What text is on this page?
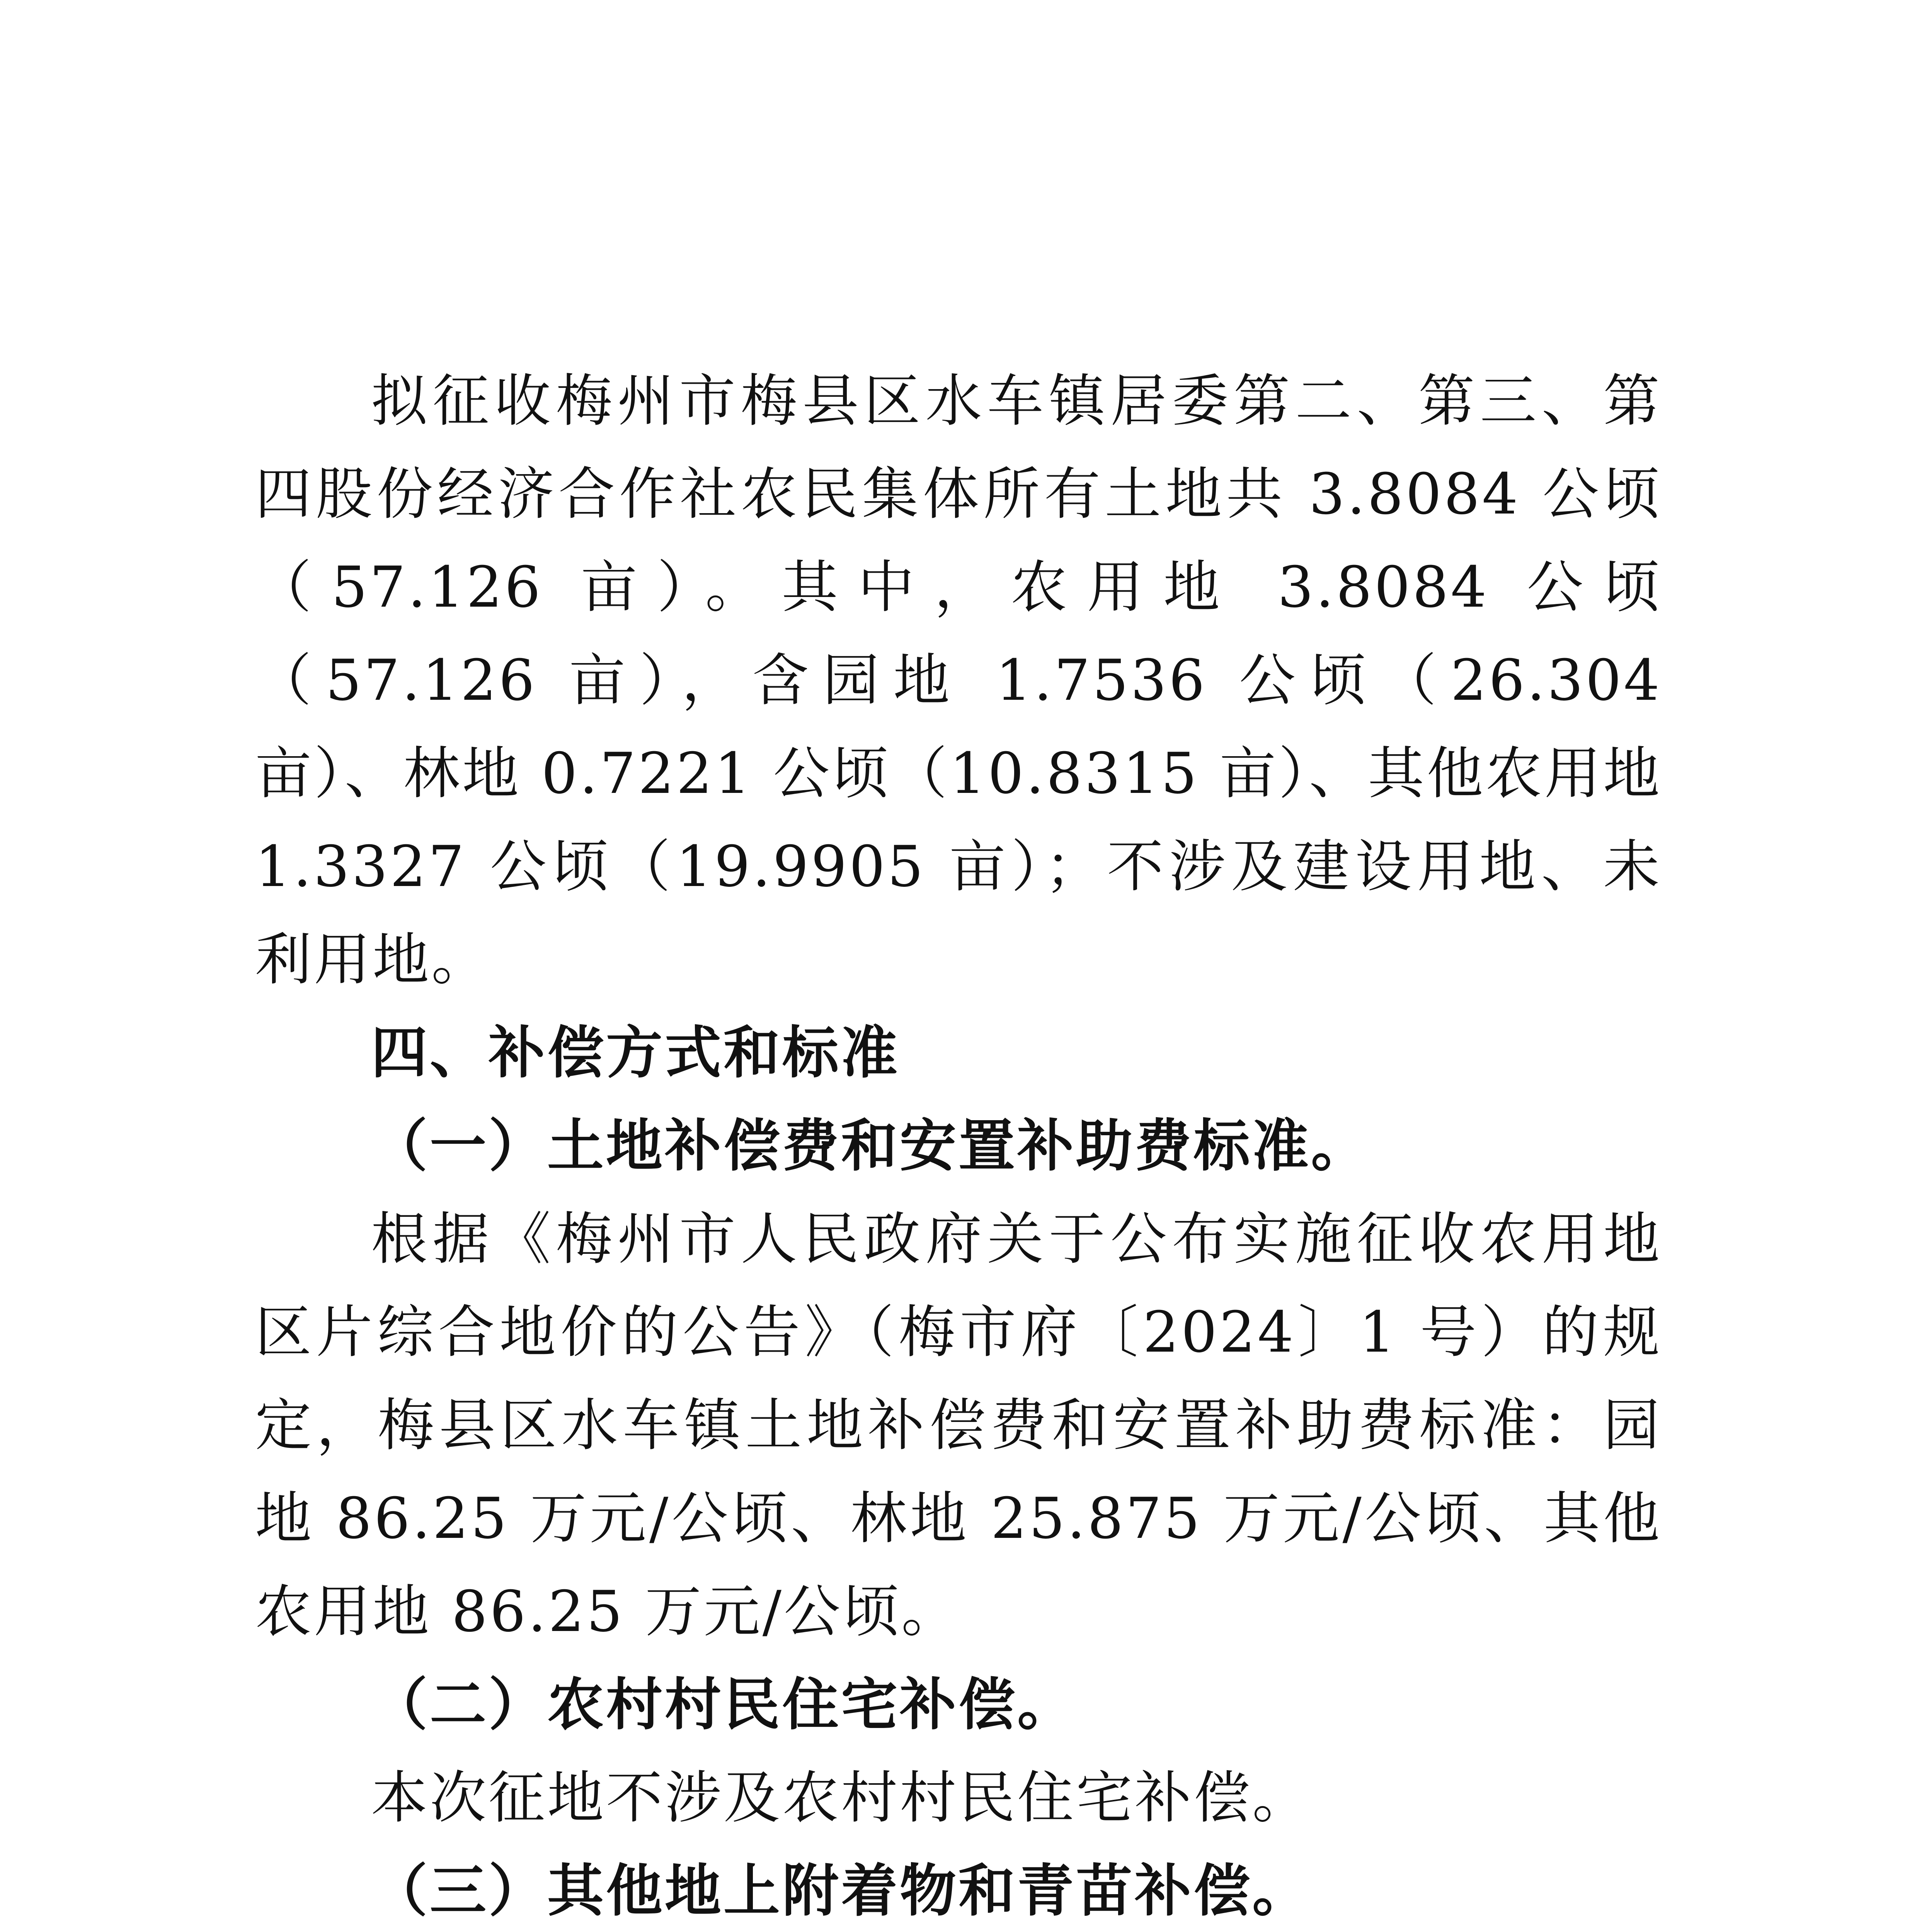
拟征收梅州市梅县区水车镇居委第二、第三、第四股份经济合作社农民集体所有土地共 3.8084 公顷（57.126 亩）。其中，农用地 3.8084 公顷（57.126 亩），含园地 1.7536 公顷（26.304 亩）、林地 0.7221 公顷（10.8315 亩）、其他农用地 1.3327 公顷（19.9905 亩）；不涉及建设用地、未利用地。

四、补偿方式和标准

（一）土地补偿费和安置补助费标准。

根据《梅州市人民政府关于公布实施征收农用地区片综合地价的公告》（梅市府〔2024〕1 号）的规定，梅县区水车镇土地补偿费和安置补助费标准：园地 86.25 万元/公顷、林地 25.875 万元/公顷、其他农用地 86.25 万元/公顷。

（二）农村村民住宅补偿。

本次征地不涉及农村村民住宅补偿。

（三）其他地上附着物和青苗补偿。
